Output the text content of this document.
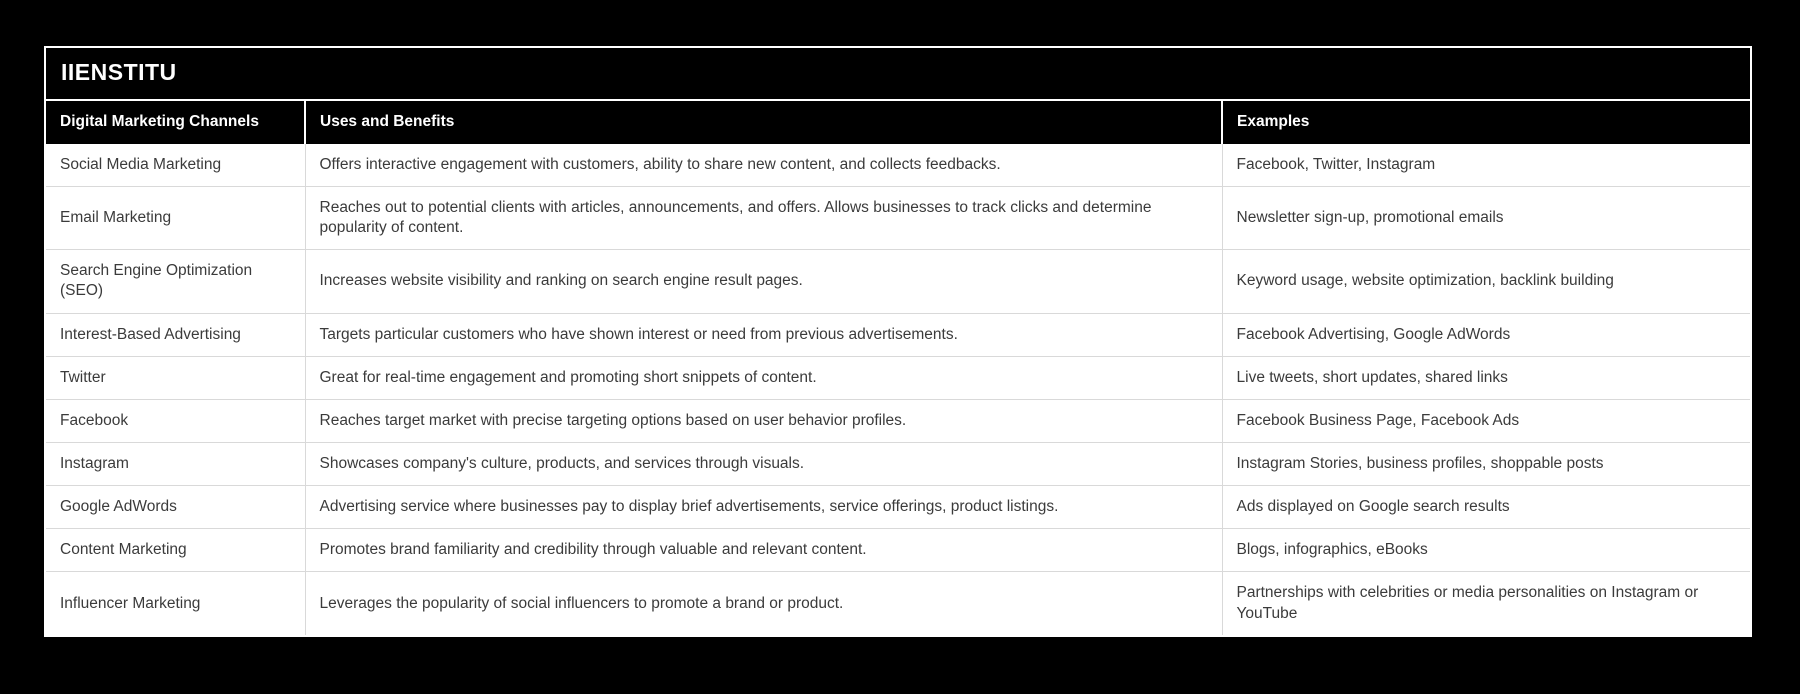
IIENSTITU
Digital Marketing Channels	Uses and Benefits	Examples
Social Media Marketing	Offers interactive engagement with customers, ability to share new content, and collects feedbacks.	Facebook, Twitter, Instagram
Email Marketing	Reaches out to potential clients with articles, announcements, and offers. Allows businesses to track clicks and determine popularity of content.	Newsletter sign-up, promotional emails
Search Engine Optimization (SEO)	Increases website visibility and ranking on search engine result pages.	Keyword usage, website optimization, backlink building
Interest-Based Advertising	Targets particular customers who have shown interest or need from previous advertisements.	Facebook Advertising, Google AdWords
Twitter	Great for real-time engagement and promoting short snippets of content.	Live tweets, short updates, shared links
Facebook	Reaches target market with precise targeting options based on user behavior profiles.	Facebook Business Page, Facebook Ads
Instagram	Showcases company's culture, products, and services through visuals.	Instagram Stories, business profiles, shoppable posts
Google AdWords	Advertising service where businesses pay to display brief advertisements, service offerings, product listings.	Ads displayed on Google search results
Content Marketing	Promotes brand familiarity and credibility through valuable and relevant content.	Blogs, infographics, eBooks
Influencer Marketing	Leverages the popularity of social influencers to promote a brand or product.	Partnerships with celebrities or media personalities on Instagram or YouTube
